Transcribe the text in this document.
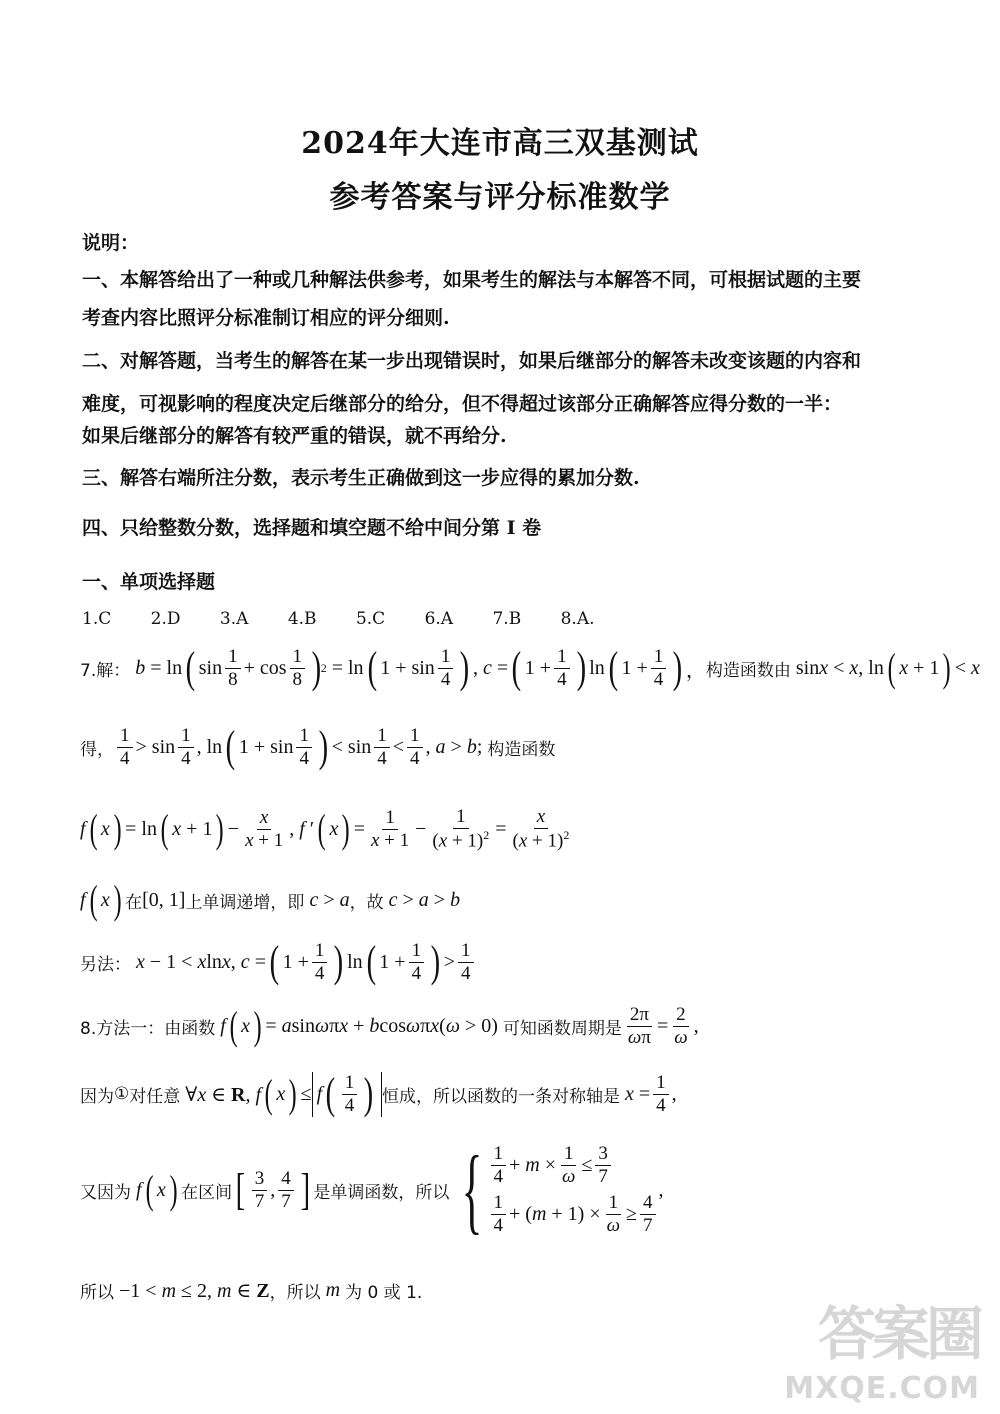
2024年大连市高三双基测试
参考答案与评分标准数学
说明：
一、本解答给出了一种或几种解法供参考，如果考生的解法与本解答不同，可根据试题的主要
考查内容比照评分标准制订相应的评分细则.
二、对解答题，当考生的解答在某一步出现错误时，如果后继部分的解答未改变该题的内容和
难度，可视影响的程度决定后继部分的给分，但不得超过该部分正确解答应得分数的一半：
如果后继部分的解答有较严重的错误，就不再给分.
三、解答右端所注分数，表示考生正确做到这一步应得的累加分数.
四、只给整数分数，选择题和填空题不给中间分第 I 卷
一、单项选择题
1.C 2.D 3.A 4.B 5.C 6.A 7.B 8.A.
7.解： b = ln ( $\sin \frac{1}{8} + \cos \frac{1}{8}$ ) 2 = ln ( $1 + \sin \frac{1}{4}$ ) , c = ( $1 + \frac{1}{4}$ ) ln ( $1 + \frac{1}{4}$ ) ， 构造函数由 sinx < x, ln ( x + 1 ) < x
得， $\frac{1}{4} > \sin \frac{1}{4}$ , ln ( $1 + \sin \frac{1}{4}$ ) < $\sin \frac{1}{4} < \frac{1}{4}$ , a > b; 构造函数
f ( x ) = ln ( x + 1 ) − $\frac{x}{x + 1}$ , f ′ ( x ) = $\frac{1}{x + 1} - \frac{1}{(x + 1)^2} = \frac{x}{(x + 1)^2}$
f ( x ) 在 [0, 1] 上单调递增，即 c > a ，故 c > a > b
另法： x − 1 < xlnx, c = ( $1 + \frac{1}{4}$ ) ln ( $1 + \frac{1}{4}$ ) > $\frac{1}{4}$
8.方法一：由函数 f ( x ) = asinωπx + bcosωπx(ω > 0) 可知函数周期是 $\frac{2\pi}{\omega\pi} = \frac{2}{\omega}$ ,
因为 ① 对任意 ∀x ∈ R, f ( x ) ≤ f ( $\frac{1}{4}$ ) 恒成，所以函数的一条对称轴是 $x = \frac{1}{4}$ ,
又因为 f ( x ) 在区间 [ $\frac{3}{7}$ , $\frac{4}{7}$ ] 是单调函数，所以 { $\frac{1}{4} + m \times \frac{1}{\omega} \le \frac{3}{7}$
$\frac{1}{4} + (m + 1) \times \frac{1}{\omega} \ge \frac{4}{7}$
,
所以 −1 < m ≤ 2, m ∈ Z ，所以 m 为 0 或 1.
答案圈
MXQE.COM
